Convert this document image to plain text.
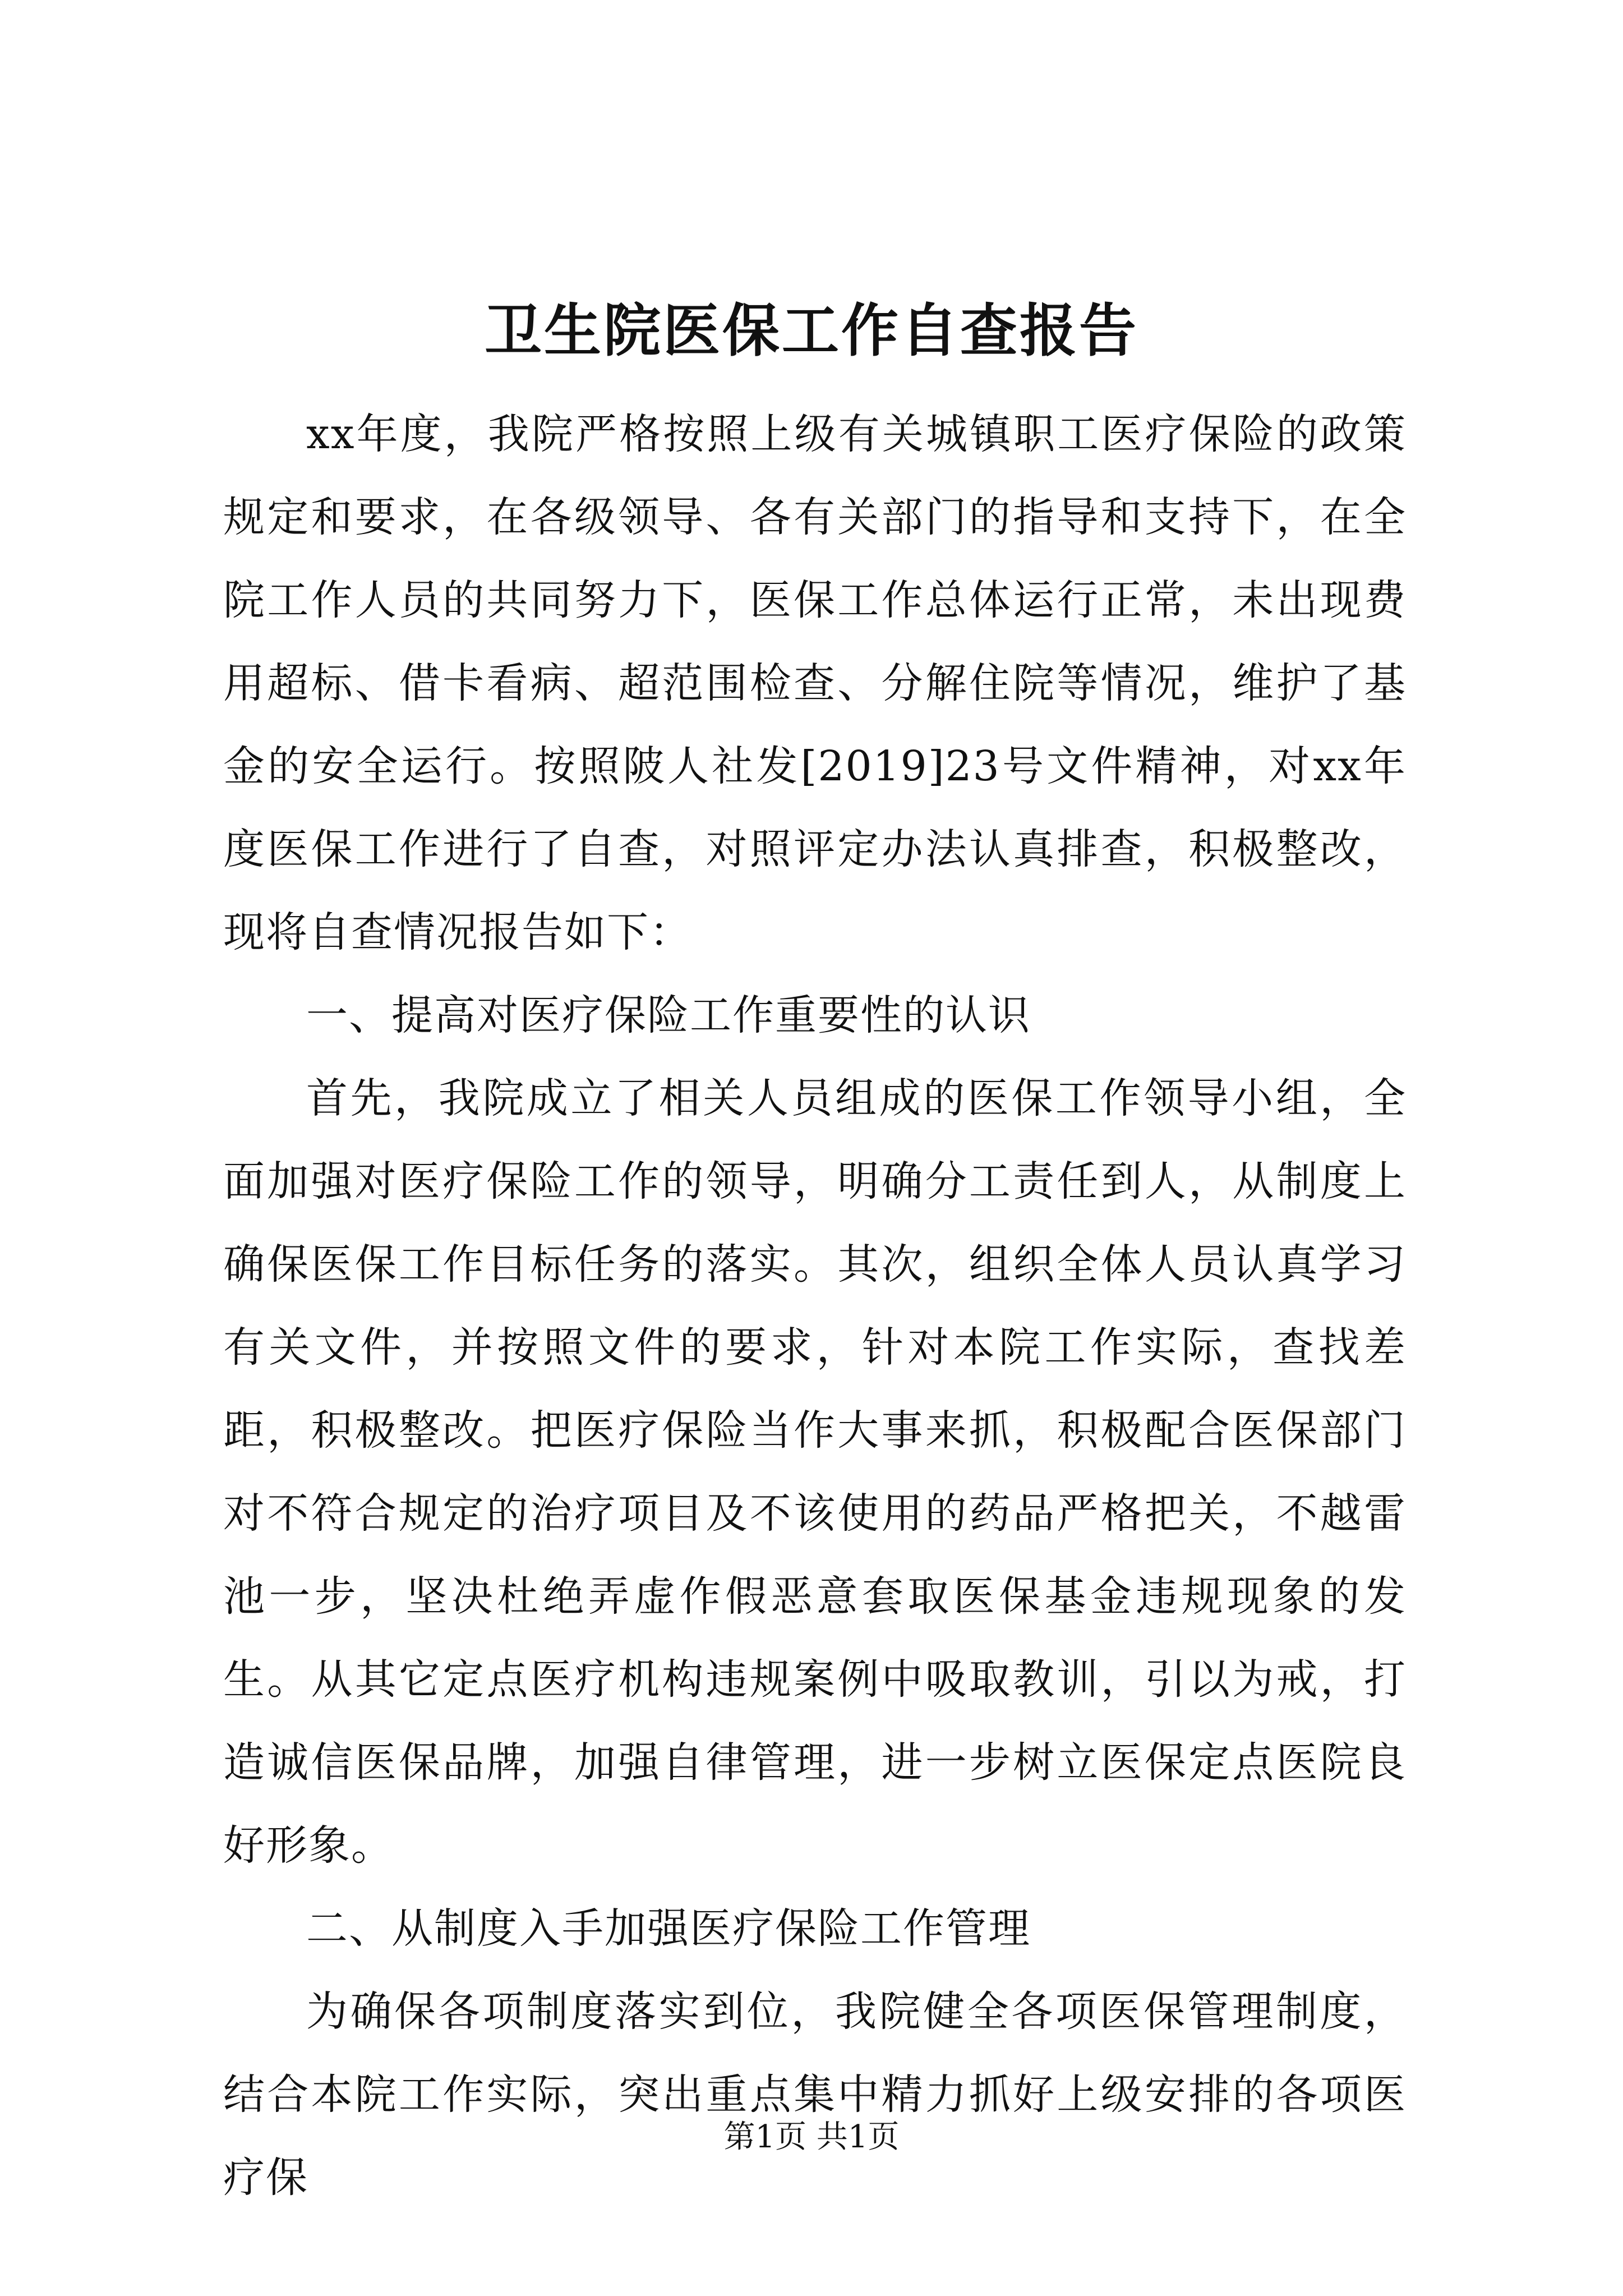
卫生院医保工作自查报告

xx年度，我院严格按照上级有关城镇职工医疗保险的政策规定和要求，在各级领导、各有关部门的指导和支持下，在全院工作人员的共同努力下，医保工作总体运行正常，未出现费用超标、借卡看病、超范围检查、分解住院等情况，维护了基金的安全运行。按照陂人社发[2019]23号文件精神，对xx年度医保工作进行了自查，对照评定办法认真排查，积极整改，现将自查情况报告如下：

一、提高对医疗保险工作重要性的认识

首先，我院成立了相关人员组成的医保工作领导小组，全面加强对医疗保险工作的领导，明确分工责任到人，从制度上确保医保工作目标任务的落实。其次，组织全体人员认真学习有关文件，并按照文件的要求，针对本院工作实际，查找差距，积极整改。把医疗保险当作大事来抓，积极配合医保部门对不符合规定的治疗项目及不该使用的药品严格把关，不越雷池一步，坚决杜绝弄虚作假恶意套取医保基金违规现象的发生。从其它定点医疗机构违规案例中吸取教训，引以为戒，打造诚信医保品牌，加强自律管理，进一步树立医保定点医院良好形象。

二、从制度入手加强医疗保险工作管理

为确保各项制度落实到位，我院健全各项医保管理制度，结合本院工作实际，突出重点集中精力抓好上级安排的各项医疗保

第1页 共1页
